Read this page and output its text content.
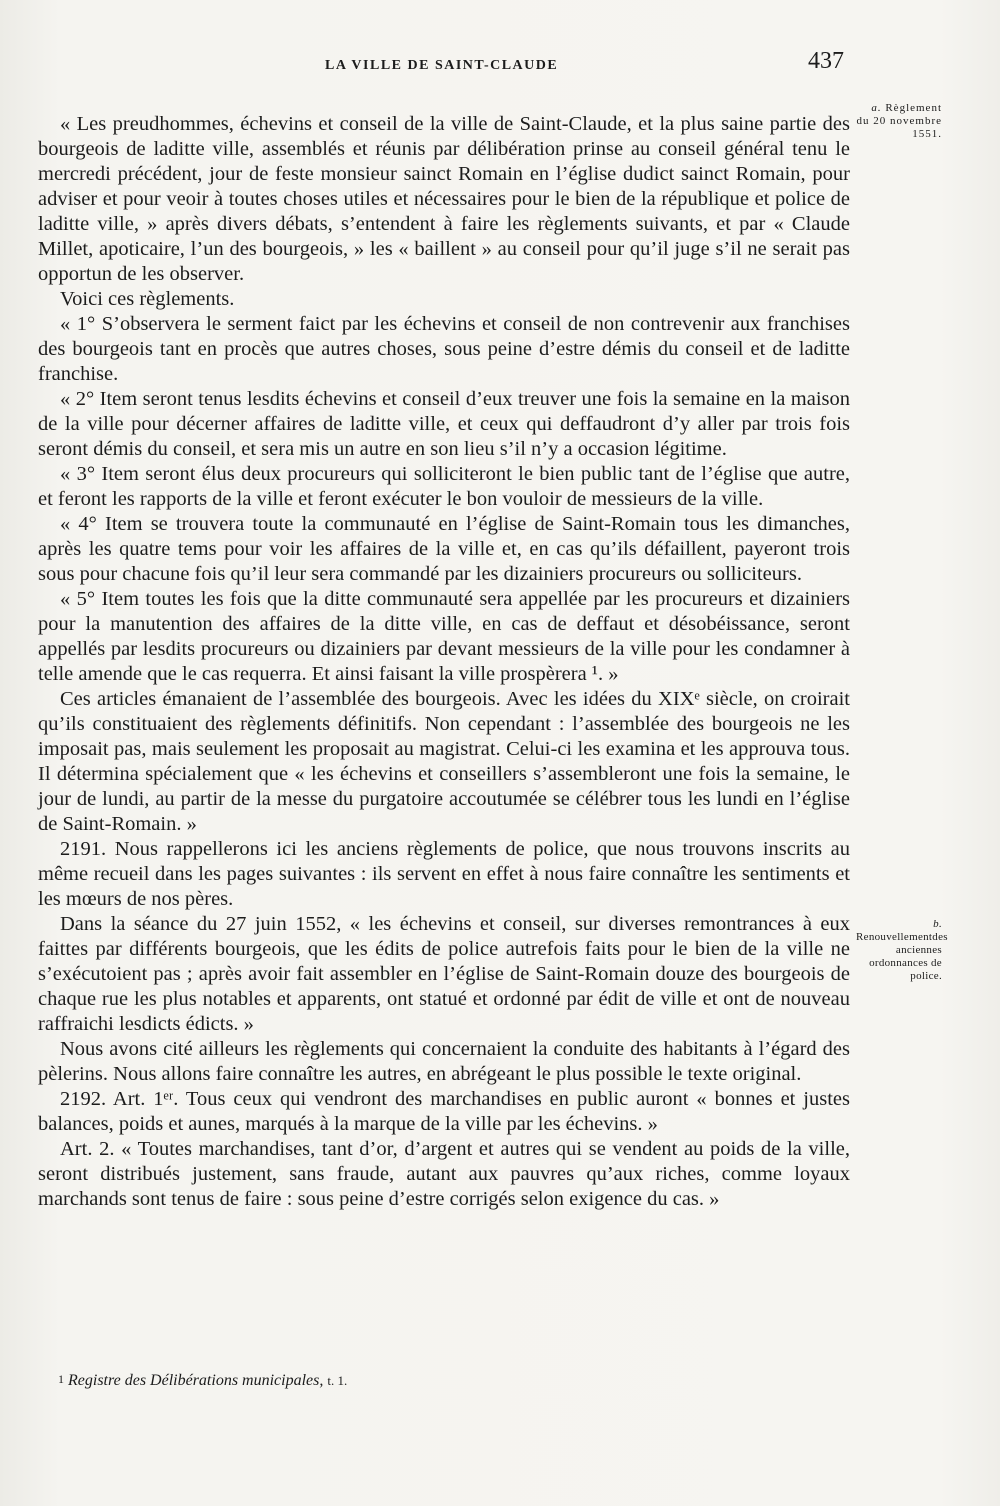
LA VILLE DE SAINT-CLAUDE	437
a. Règlement du 20 novembre 1551.
b. Renouvellementdes anciennes ordonnances de police.

« Les preudhommes, échevins et conseil de la ville de Saint-Claude, et la plus saine partie des bourgeois de laditte ville, assemblés et réunis par délibération prinse au conseil général tenu le mercredi précédent, jour de feste monsieur sainct Romain en l’église dudict sainct Romain, pour adviser et pour veoir à toutes choses utiles et nécessaires pour le bien de la république et police de laditte ville, » après divers débats, s’entendent à faire les règlements suivants, et par « Claude Millet, apoticaire, l’un des bourgeois, » les « baillent » au conseil pour qu’il juge s’il ne serait pas opportun de les observer.

Voici ces règlements.

« 1° S’observera le serment faict par les échevins et conseil de non contrevenir aux franchises des bourgeois tant en procès que autres choses, sous peine d’estre démis du conseil et de laditte franchise.

« 2° Item seront tenus lesdits échevins et conseil d’eux treuver une fois la semaine en la maison de la ville pour décerner affaires de laditte ville, et ceux qui deffaudront d’y aller par trois fois seront démis du conseil, et sera mis un autre en son lieu s’il n’y a occasion légitime.

« 3° Item seront élus deux procureurs qui solliciteront le bien public tant de l’église que autre, et feront les rapports de la ville et feront exécuter le bon vouloir de messieurs de la ville.

« 4° Item se trouvera toute la communauté en l’église de Saint-Romain tous les dimanches, après les quatre tems pour voir les affaires de la ville et, en cas qu’ils défaillent, payeront trois sous pour chacune fois qu’il leur sera commandé par les dizainiers procureurs ou solliciteurs.

« 5° Item toutes les fois que la ditte communauté sera appellée par les procureurs et dizainiers pour la manutention des affaires de la ditte ville, en cas de deffaut et désobéissance, seront appellés par lesdits procureurs ou dizainiers par devant messieurs de la ville pour les condamner à telle amende que le cas requerra. Et ainsi faisant la ville prospèrera ¹. »

Ces articles émanaient de l’assemblée des bourgeois. Avec les idées du XIXᵉ siècle, on croirait qu’ils constituaient des règlements définitifs. Non cependant : l’assemblée des bourgeois ne les imposait pas, mais seulement les proposait au magistrat. Celui-ci les examina et les approuva tous. Il détermina spécialement que « les échevins et conseillers s’assembleront une fois la semaine, le jour de lundi, au partir de la messe du purgatoire accoutumée se célébrer tous les lundi en l’église de Saint-Romain. »

2191. Nous rappellerons ici les anciens règlements de police, que nous trouvons inscrits au même recueil dans les pages suivantes : ils servent en effet à nous faire connaître les sentiments et les mœurs de nos pères.

Dans la séance du 27 juin 1552, « les échevins et conseil, sur diverses remontrances à eux faittes par différents bourgeois, que les édits de police autrefois faits pour le bien de la ville ne s’exécutoient pas ; après avoir fait assembler en l’église de Saint-Romain douze des bourgeois de chaque rue les plus notables et apparents, ont statué et ordonné par édit de ville et ont de nouveau raffraichi lesdicts édicts. »

Nous avons cité ailleurs les règlements qui concernaient la conduite des habitants à l’égard des pèlerins. Nous allons faire connaître les autres, en abrégeant le plus possible le texte original.

2192. Art. 1ᵉʳ. Tous ceux qui vendront des marchandises en public auront « bonnes et justes balances, poids et aunes, marqués à la marque de la ville par les échevins. »

Art. 2. « Toutes marchandises, tant d’or, d’argent et autres qui se vendent au poids de la ville, seront distribués justement, sans fraude, autant aux pauvres qu’aux riches, comme loyaux marchands sont tenus de faire : sous peine d’estre corrigés selon exigence du cas. »

$^1$ Registre des Délibérations municipales, t. 1.
